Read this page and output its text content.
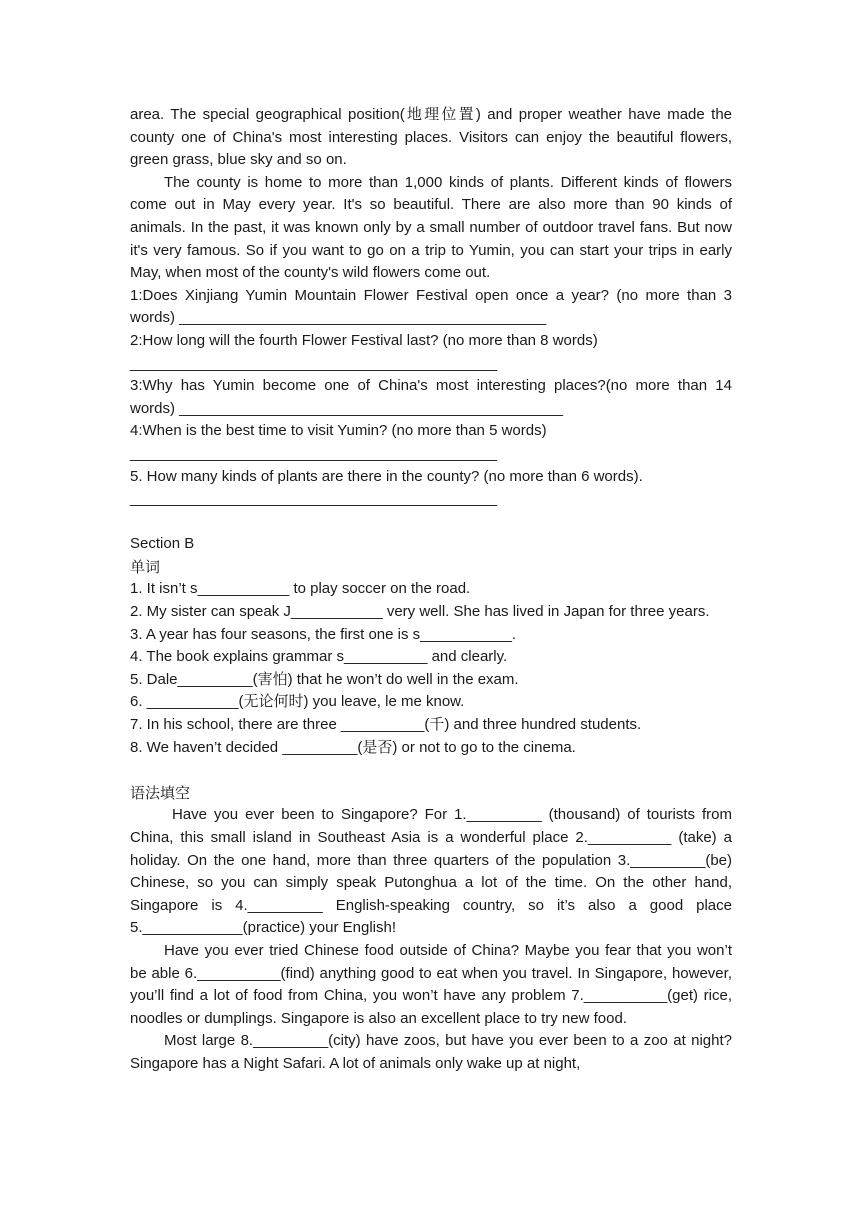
area. The special geographical position(地理位置) and proper weather have made the county one of China's most interesting places. Visitors can enjoy the beautiful flowers, green grass, blue sky and so on.

The county is home to more than 1,000 kinds of plants. Different kinds of flowers come out in May every year. It's so beautiful. There are also more than 90 kinds of animals. In the past, it was known only by a small number of outdoor travel fans. But now it's very famous. So if you want to go on a trip to Yumin, you can start your trips in early May, when most of the county's wild flowers come out.

1:Does Xinjiang Yumin Mountain Flower Festival open once a year? (no more than 3 words) ____________________________________________

2:How long will the fourth Flower Festival last? (no more than 8 words)

____________________________________________

3:Why has Yumin become one of China's most interesting places?(no more than 14 words) ______________________________________________

4:When is the best time to visit Yumin? (no more than 5 words)

____________________________________________

5. How many kinds of plants are there in the county? (no more than 6 words).

____________________________________________

Section B

单词

1. It isn’t s___________ to play soccer on the road.

2. My sister can speak J___________ very well. She has lived in Japan for three years.

3. A year has four seasons, the first one is s___________.

4. The book explains grammar s__________ and clearly.

5. Dale_________(害怕) that he won’t do well in the exam.

6. ___________(无论何时) you leave, le me know.

7. In his school, there are three __________(千) and three hundred students.

8. We haven’t decided _________(是否) or not to go to the cinema.

语法填空

Have you ever been to Singapore? For 1._________ (thousand) of tourists from China, this small island in Southeast Asia is a wonderful place 2.__________ (take) a holiday. On the one hand, more than three quarters of the population 3._________(be) Chinese, so you can simply speak Putonghua a lot of the time. On the other hand, Singapore is 4._________ English-speaking country, so it’s also a good place 5.____________(practice) your English!

Have you ever tried Chinese food outside of China? Maybe you fear that you won’t be able 6.__________(find) anything good to eat when you travel. In Singapore, however, you’ll find a lot of food from China, you won’t have any problem 7.__________(get) rice, noodles or dumplings. Singapore is also an excellent place to try new food.

Most large 8._________(city) have zoos, but have you ever been to a zoo at night? Singapore has a Night Safari. A lot of animals only wake up at night,
